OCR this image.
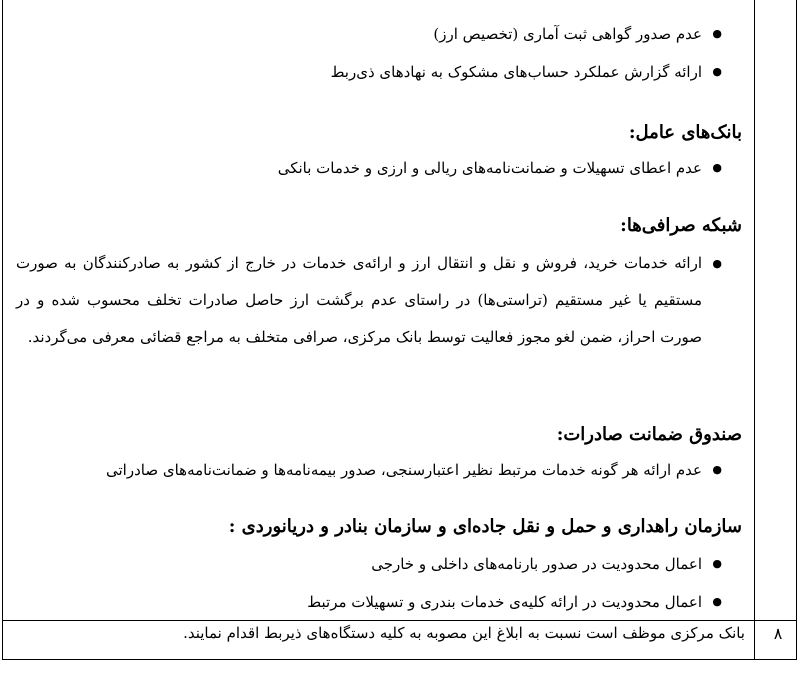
● عدم صدور گواهی ثبت آماری (تخصیص ارز)
● ارائه گزارش عملکرد حساب‌های مشکوک به نهادهای ذی‌ربط
بانک‌های عامل:
● عدم اعطای تسهیلات و ضمانت‌نامه‌های ریالی و ارزی و خدمات بانکی
شبکه صرافی‌ها:
● ارائه خدمات خرید، فروش و نقل و انتقال ارز و ارائه‌ی خدمات در خارج از کشور به صادرکنندگان به صورت مستقیم یا غیر مستقیم (تراستی‌ها) در راستای عدم برگشت ارز حاصل صادرات تخلف محسوب شده و در صورت احراز، ضمن لغو مجوز فعالیت توسط بانک مرکزی، صرافی متخلف به مراجع قضائی معرفی می‌گردند.
صندوق ضمانت صادرات:
● عدم ارائه هر گونه خدمات مرتبط نظیر اعتبارسنجی، صدور بیمه‌نامه‌ها و ضمانت‌نامه‌های صادراتی
سازمان راهداری و حمل و نقل جاده‌ای و سازمان بنادر و دریانوردی :
● اعمال محدودیت در صدور بارنامه‌های داخلی و خارجی
● اعمال محدودیت در ارائه کلیه‌ی خدمات بندری و تسهیلات مرتبط
۸
بانک مرکزی موظف است نسبت به ابلاغ این مصوبه به کلیه دستگاه‌های ذیربط اقدام نمایند.
